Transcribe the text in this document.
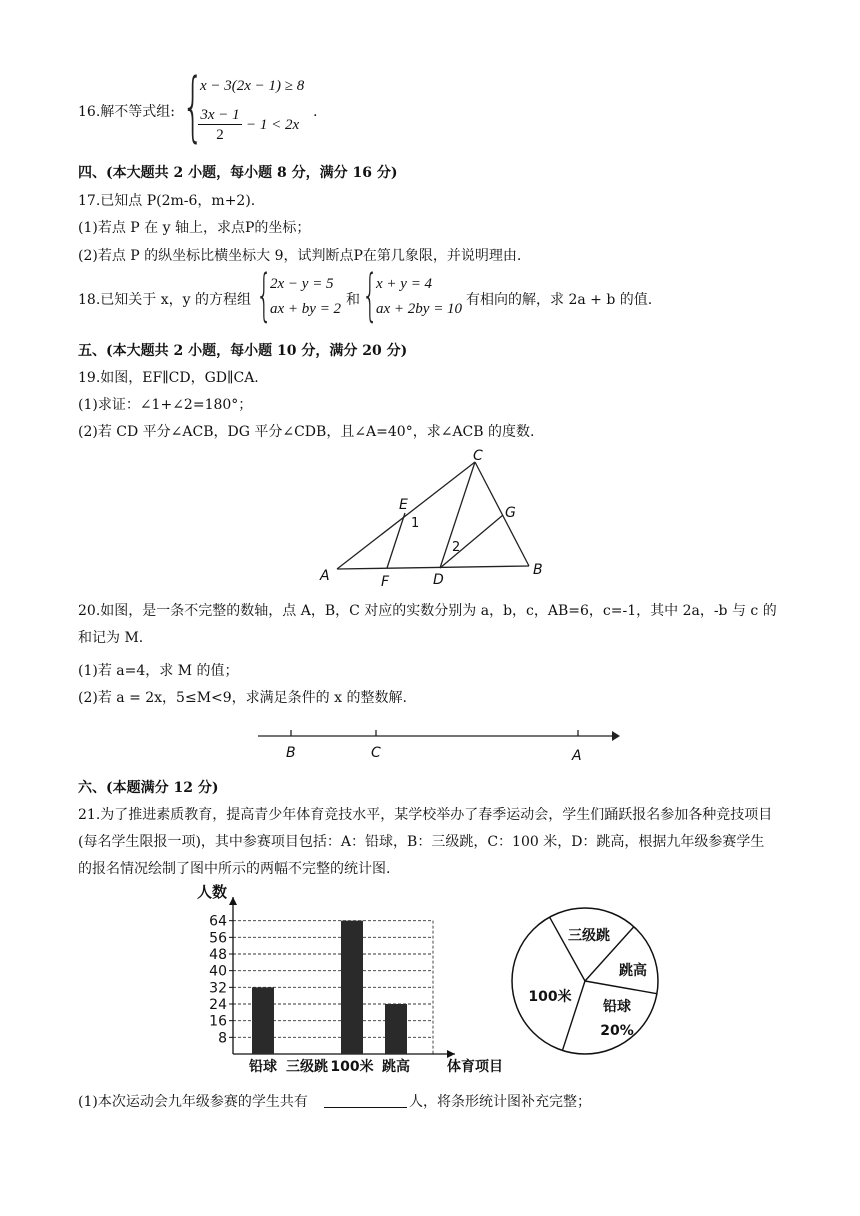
16.解不等式组: {
x − 3(2x − 1) ≥ 8
$\frac{3x - 1}{2} - 1 < 2x$
.
四、(本大题共 2 小题，每小题 8 分，满分 16 分)
17.已知点 P(2m-6，m+2).
(1)若点 P 在 y 轴上，求点P的坐标；
(2)若点 P 的纵坐标比横坐标大 9，试判断点P在第几象限，并说明理由.
18.已知关于 x，y 的方程组 {
2x − y = 5
ax + by = 2
和 {
x + y = 4
ax + 2by = 10
有相向的解，求 2a + b 的值.
五、(本大题共 2 小题，每小题 10 分，满分 20 分)
19.如图，EF∥CD，GD∥CA.
(1)求证：∠1+∠2=180°；
(2)若 CD 平分∠ACB，DG 平分∠CDB，且∠A=40°，求∠ACB 的度数.
A	B
C
D
E
F
G
1
2
20.如图，是一条不完整的数轴，点 A，B，C 对应的实数分别为 a，b，c，AB=6，c=-1，其中 2a，-b 与 c 的和记为 M.
(1)若 a=4，求 M 的值；
(2)若 a = 2x，5≤M<9，求满足条件的 x 的整数解.
B	C	A
六、(本题满分 12 分)
21.为了推进素质教育，提高青少年体育竞技水平，某学校举办了春季运动会，学生们踊跃报名参加各种竞技项目(每名学生限报一项)，其中参赛项目包括：A：铅球，B：三级跳，C：100 米，D：跳高，根据九年级参赛学生的报名情况绘制了图中所示的两幅不完整的统计图.
8
16
24
32
40
48
56
64
人数
体育项目
铅球 三级跳 100米 跳高
三级跳
跳高
铅球
100米
20%
(1)本次运动会九年级参赛的学生共有	人，将条形统计图补充完整；
